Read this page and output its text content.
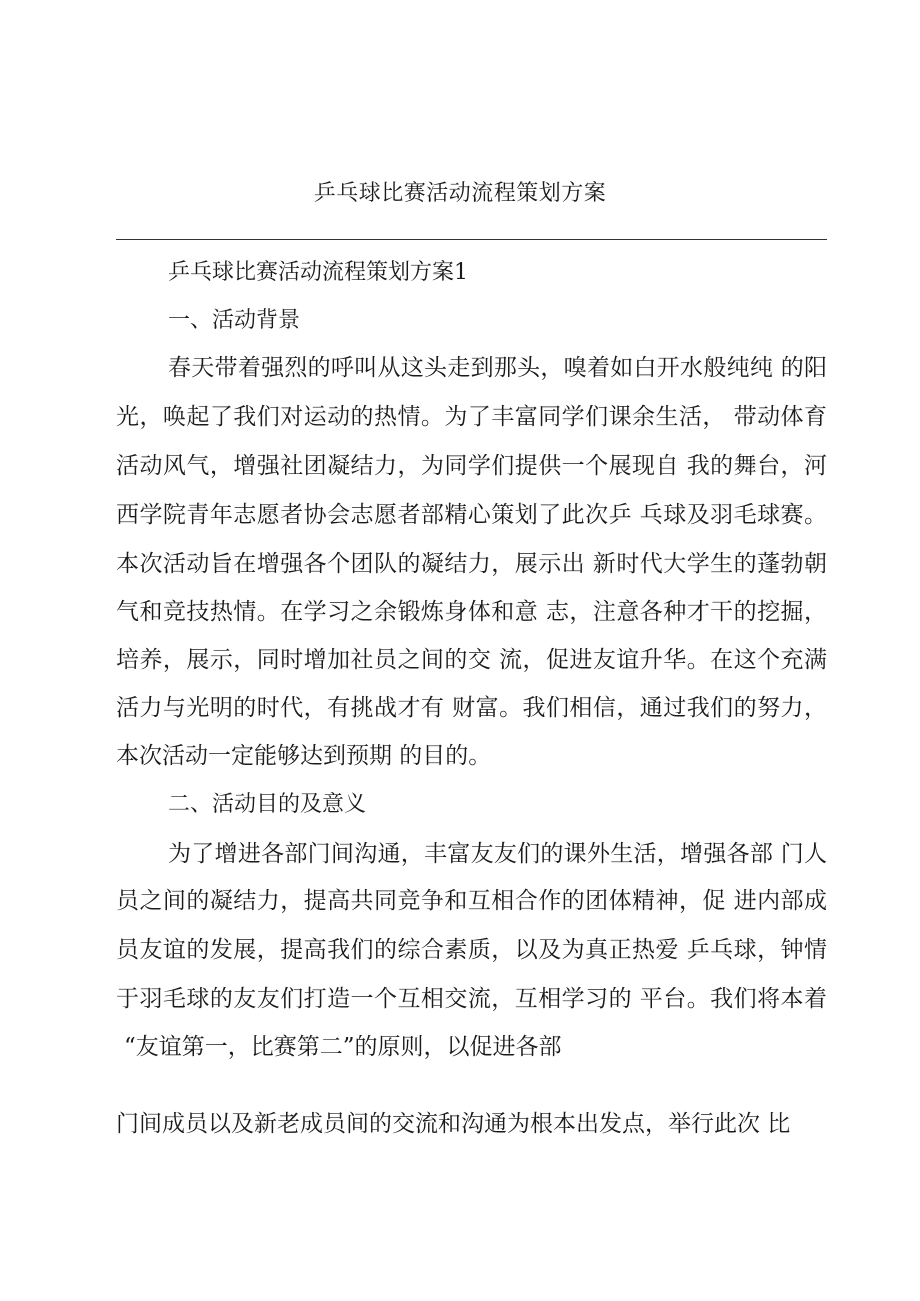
乒乓球比赛活动流程策划方案
乒乓球比赛活动流程策划方案1
一、活动背景
春天带着强烈的呼叫从这头走到那头，嗅着如白开水般纯纯 的阳
光，唤起了我们对运动的热情。为了丰富同学们课余生活， 带动体育
活动风气，增强社团凝结力，为同学们提供一个展现自 我的舞台，河
西学院青年志愿者协会志愿者部精心策划了此次乒 乓球及羽毛球赛。
本次活动旨在增强各个团队的凝结力，展示出 新时代大学生的蓬勃朝
气和竞技热情。在学习之余锻炼身体和意 志，注意各种才干的挖掘，
培养，展示，同时增加社员之间的交 流，促进友谊升华。在这个充满
活力与光明的时代，有挑战才有 财富。我们相信，通过我们的努力，
本次活动一定能够达到预期 的目的。
二、活动目的及意义
为了增进各部门间沟通，丰富友友们的课外生活，增强各部 门人
员之间的凝结力，提高共同竞争和互相合作的团体精神，促 进内部成
员友谊的发展，提高我们的综合素质，以及为真正热爱 乒乓球，钟情
于羽毛球的友友们打造一个互相交流，互相学习的 平台。我们将本着
“友谊第一，比赛第二”的原则，以促进各部
门间成员以及新老成员间的交流和沟通为根本出发点，举行此次 比
